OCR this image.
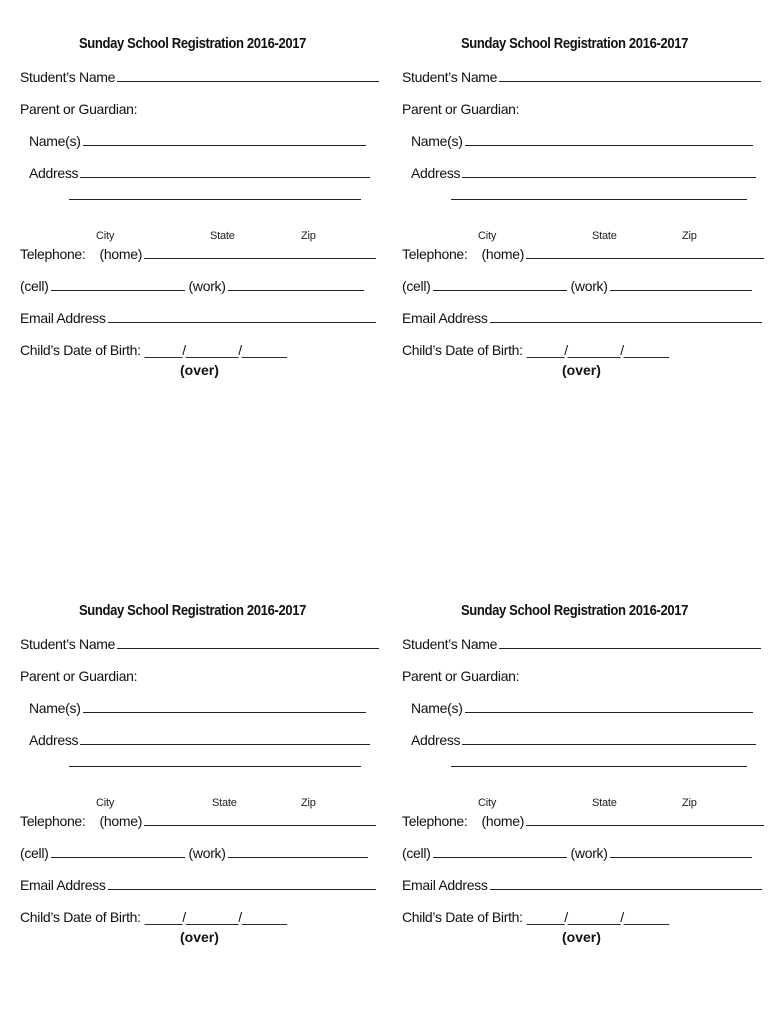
Sunday School Registration 2016-2017
Student’s Name
Parent or Guardian:
Name(s)
Address
City	State	Zip
Telephone: (home)
(cell)	(work)
Email Address
Child’s Date of Birth: _____/_______/______
(over)
Sunday School Registration 2016-2017
Student’s Name
Parent or Guardian:
Name(s)
Address
City	State	Zip
Telephone: (home)
(cell)	(work)
Email Address
Child’s Date of Birth: _____/_______/______
(over)
Sunday School Registration 2016-2017
Student’s Name
Parent or Guardian:
Name(s)
Address
City	State	Zip
Telephone: (home)
(cell)	(work)
Email Address
Child’s Date of Birth: _____/_______/______
(over)
Sunday School Registration 2016-2017
Student’s Name
Parent or Guardian:
Name(s)
Address
City	State	Zip
Telephone: (home)
(cell)	(work)
Email Address
Child’s Date of Birth: _____/_______/______
(over)
